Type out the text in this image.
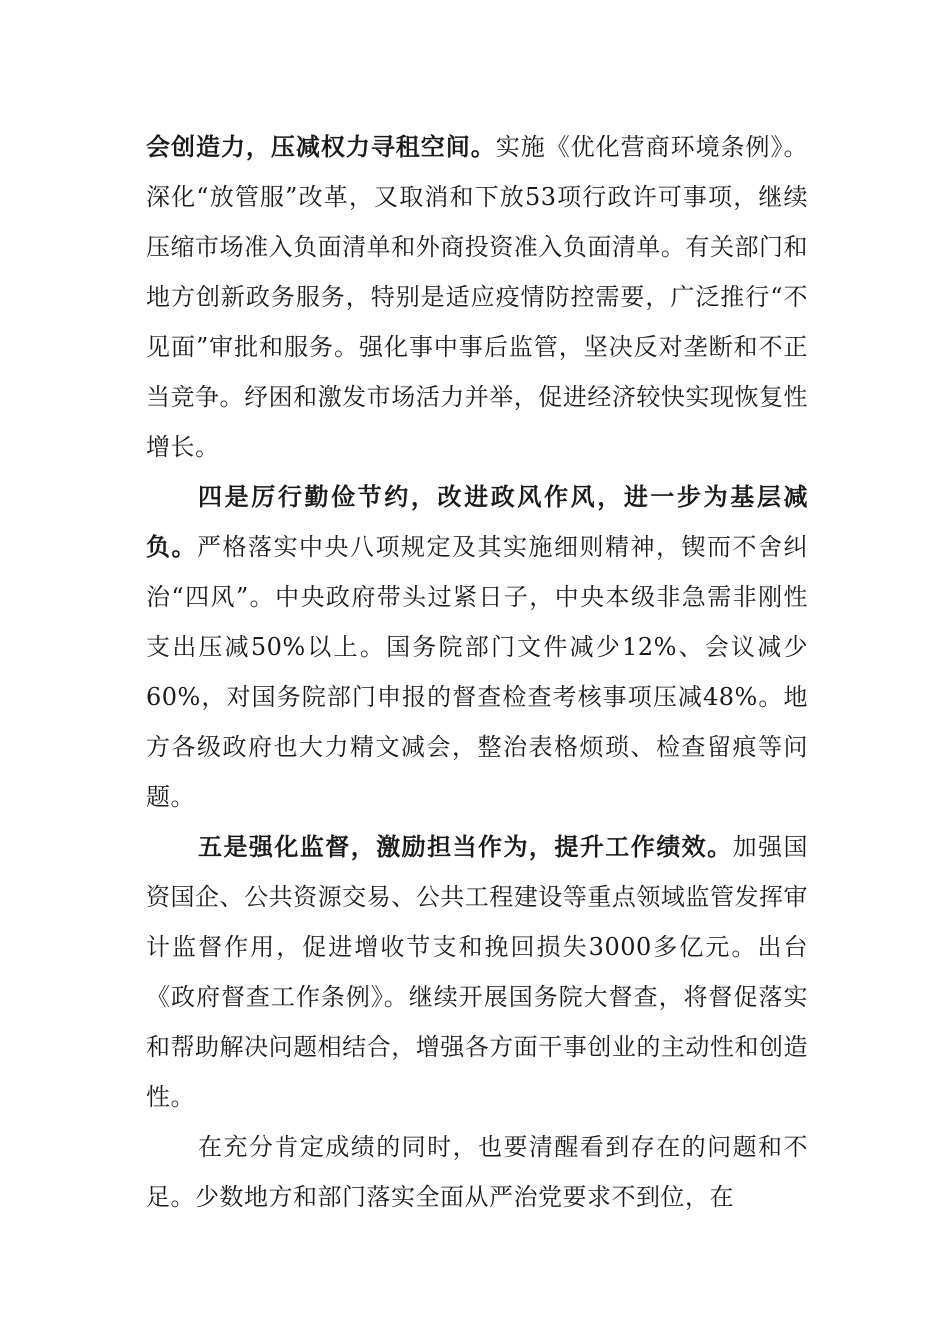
会创造力，压减权力寻租空间。实施《优化营商环境条例》。深化“放管服”改革，又取消和下放53项行政许可事项，继续压缩市场准入负面清单和外商投资准入负面清单。有关部门和地方创新政务服务，特别是适应疫情防控需要，广泛推行“不见面”审批和服务。强化事中事后监管，坚决反对垄断和不正当竞争。纾困和激发市场活力并举，促进经济较快实现恢复性增长。

四是厉行勤俭节约，改进政风作风，进一步为基层减负。严格落实中央八项规定及其实施细则精神，锲而不舍纠治“四风”。中央政府带头过紧日子，中央本级非急需非刚性支出压减50%以上。国务院部门文件减少12%、会议减少60%，对国务院部门申报的督查检查考核事项压减48%。地方各级政府也大力精文减会，整治表格烦琐、检查留痕等问题。

五是强化监督，激励担当作为，提升工作绩效。加强国资国企、公共资源交易、公共工程建设等重点领域监管发挥审计监督作用，促进增收节支和挽回损失3000多亿元。出台《政府督查工作条例》。继续开展国务院大督查，将督促落实和帮助解决问题相结合，增强各方面干事创业的主动性和创造性。

在充分肯定成绩的同时，也要清醒看到存在的问题和不足。少数地方和部门落实全面从严治党要求不到位，在
